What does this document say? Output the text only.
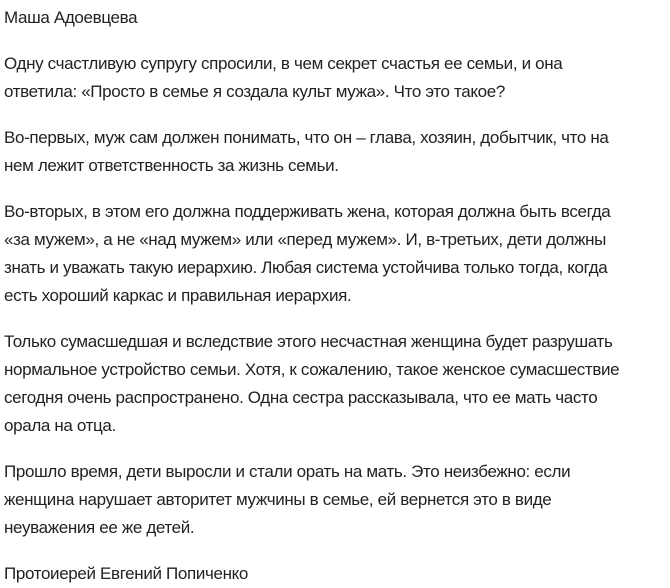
Маша Адоевцева

Одну счастливую супругу спросили, в чем секрет счастья ее семьи, и она
ответила: «Просто в семье я создала культ мужа». Что это такое?

Во-первых, муж сам должен понимать, что он – глава, хозяин, добытчик, что на
нем лежит ответственность за жизнь семьи.

Во-вторых, в этом его должна поддерживать жена, которая должна быть всегда
«за мужем», а не «над мужем» или «перед мужем». И, в-третьих, дети должны
знать и уважать такую иерархию. Любая система устойчива только тогда, когда
есть хороший каркас и правильная иерархия.

Только сумасшедшая и вследствие этого несчастная женщина будет разрушать
нормальное устройство семьи. Хотя, к сожалению, такое женское сумасшествие
сегодня очень распространено. Одна сестра рассказывала, что ее мать часто
орала на отца.

Прошло время, дети выросли и стали орать на мать. Это неизбежно: если
женщина нарушает авторитет мужчины в семье, ей вернется это в виде
неуважения ее же детей.

Протоиерей Евгений Попиченко
